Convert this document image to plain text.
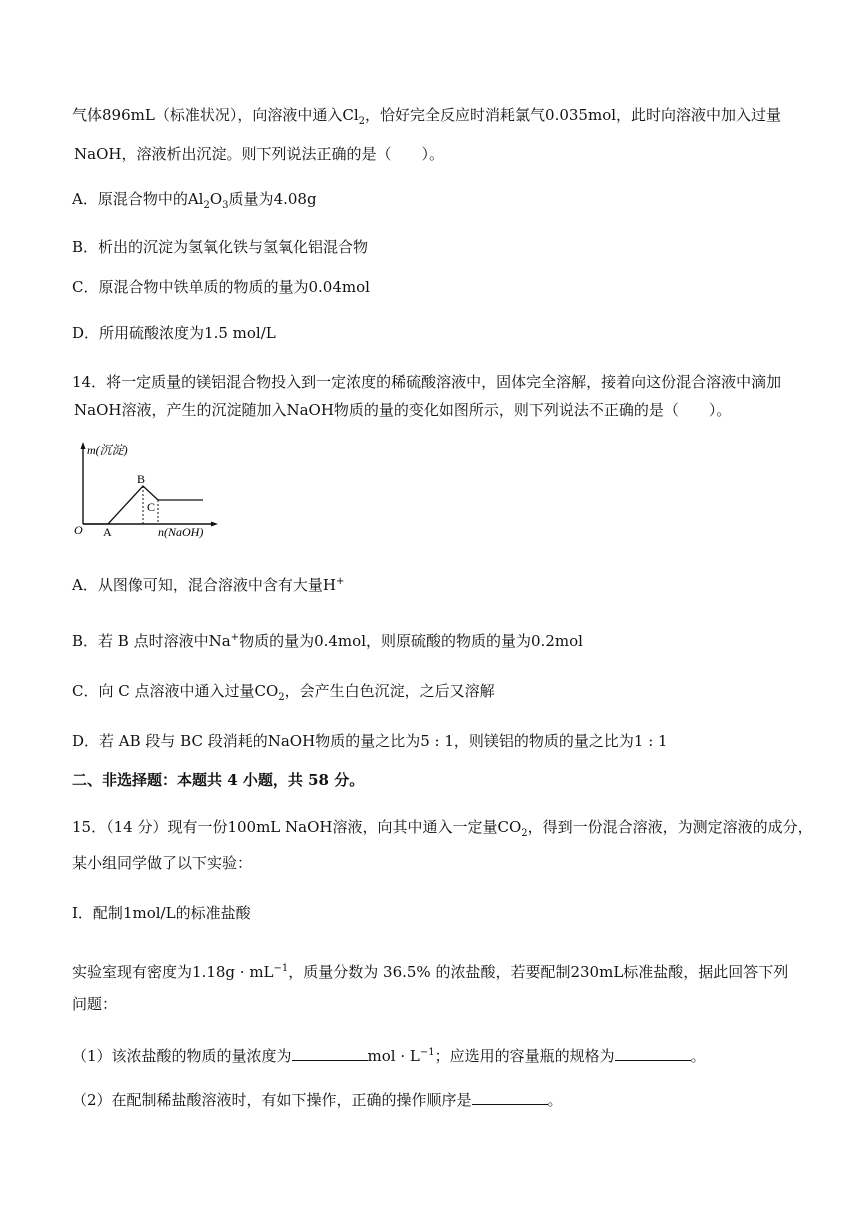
气体896mL（标准状况），向溶液中通入$Cl_2$，恰好完全反应时消耗氯气0.035mol，此时向溶液中加入过量
NaOH，溶液析出沉淀。则下列说法正确的是（　　）。
A．原混合物中的$Al_2O_3$质量为4.08g
B．析出的沉淀为氢氧化铁与氢氧化铝混合物
C．原混合物中铁单质的物质的量为0.04mol
D．所用硫酸浓度为1.5 mol/L
14．将一定质量的镁铝混合物投入到一定浓度的稀硫酸溶液中，固体完全溶解，接着向这份混合溶液中滴加
NaOH溶液，产生的沉淀随加入NaOH物质的量的变化如图所示，则下列说法不正确的是（　　）。
m(沉淀)
O A
B
C
n(NaOH)
A．从图像可知，混合溶液中含有大量H+
B．若 B 点时溶液中Na+物质的量为0.4mol，则原硫酸的物质的量为0.2mol
C．向 C 点溶液中通入过量$CO_2$，会产生白色沉淀，之后又溶解
D．若 AB 段与 BC 段消耗的NaOH物质的量之比为5 : 1，则镁铝的物质的量之比为1 : 1
二、非选择题：本题共 4 小题，共 58 分。
15．（14 分）现有一份100mL NaOH溶液，向其中通入一定量$CO_2$，得到一份混合溶液，为测定溶液的成分，
某小组同学做了以下实验：
Ⅰ．配制1mol/L的标准盐酸
实验室现有密度为$1.18g \cdot mL^{-1}$，质量分数为 36.5% 的浓盐酸，若要配制230mL标准盐酸，据此回答下列
问题：
（1）该浓盐酸的物质的量浓度为	mol · $L^{-1}$；应选用的容量瓶的规格为	。
（2）在配制稀盐酸溶液时，有如下操作，正确的操作顺序是	。
